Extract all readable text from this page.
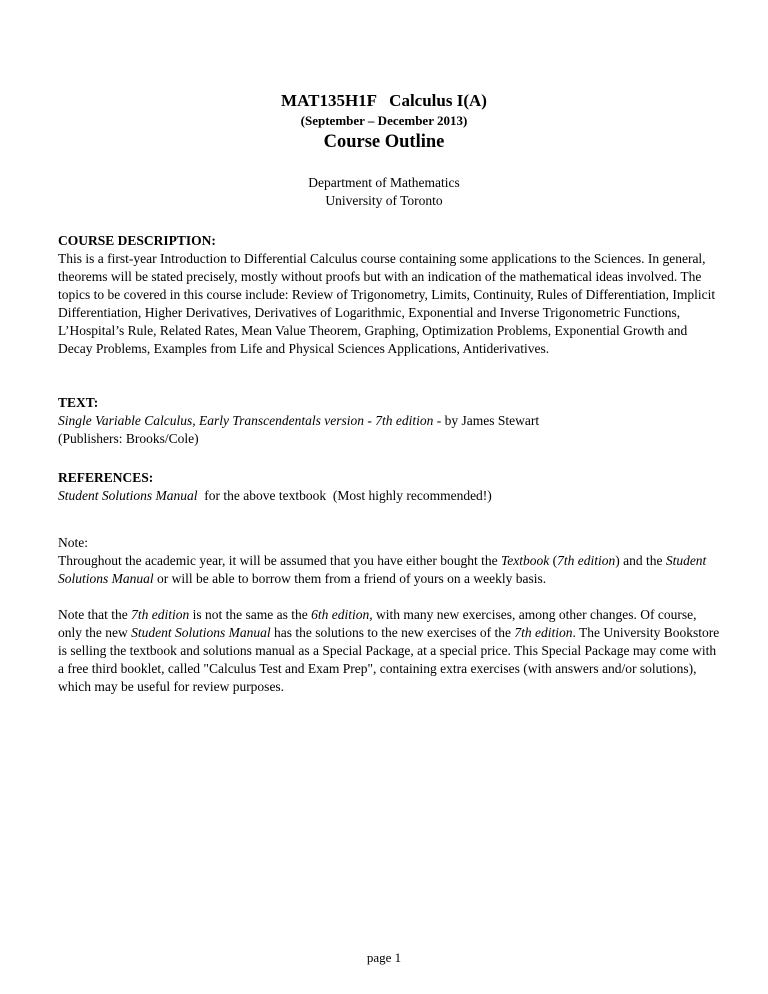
MAT135H1F   Calculus I(A)

(September – December 2013)

Course Outline

Department of Mathematics
University of Toronto
COURSE DESCRIPTION:

This is a first-year Introduction to Differential Calculus course containing some applications to the Sciences. In general, theorems will be stated precisely, mostly without proofs but with an indication of the mathematical ideas involved. The topics to be covered in this course include: Review of Trigonometry, Limits, Continuity, Rules of Differentiation, Implicit Differentiation, Higher Derivatives, Derivatives of Logarithmic, Exponential and Inverse Trigonometric Functions, L’Hospital’s Rule, Related Rates, Mean Value Theorem, Graphing, Optimization Problems, Exponential Growth and Decay Problems, Examples from Life and Physical Sciences Applications, Antiderivatives.

TEXT:

Single Variable Calculus, Early Transcendentals version - 7th edition - by James Stewart

(Publishers: Brooks/Cole)

REFERENCES:

Student Solutions Manual  for the above textbook  (Most highly recommended!)

Note:

Throughout the academic year, it will be assumed that you have either bought the Textbook (7th edition) and the Student Solutions Manual or will be able to borrow them from a friend of yours on a weekly basis.

Note that the 7th edition is not the same as the 6th edition, with many new exercises, among other changes. Of course, only the new Student Solutions Manual has the solutions to the new exercises of the 7th edition. The University Bookstore is selling the textbook and solutions manual as a Special Package, at a special price. This Special Package may come with a free third booklet, called "Calculus Test and Exam Prep", containing extra exercises (with answers and/or solutions), which may be useful for review purposes.

page 1
